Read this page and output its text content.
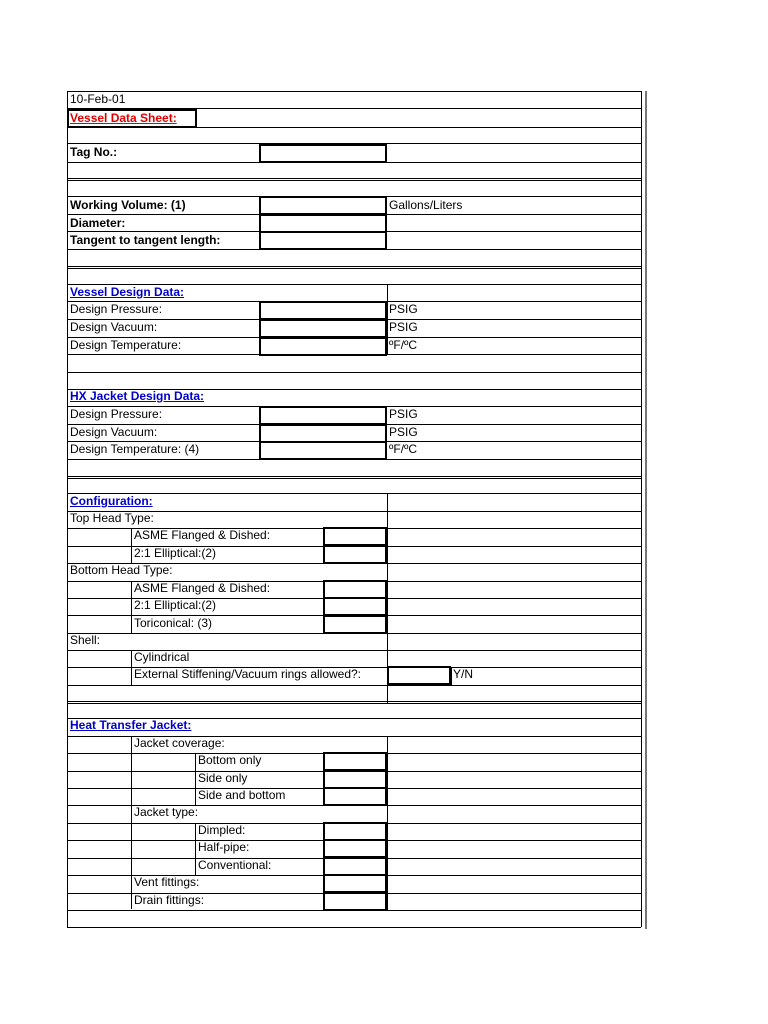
10-Feb-01
Vessel Data Sheet:
Tag No.:
Working Volume: (1)	Gallons/Liters
Diameter:
Tangent to tangent length:
Vessel Design Data:
Design Pressure:	PSIG
Design Vacuum:	PSIG
Design Temperature:	ºF/ºC
HX Jacket Design Data:
Design Pressure:	PSIG
Design Vacuum:	PSIG
Design Temperature: (4)	ºF/ºC
Configuration:
Top Head Type:
ASME Flanged & Dished:
2:1 Elliptical:(2)
Bottom Head Type:
ASME Flanged & Dished:
2:1 Elliptical:(2)
Toriconical: (3)
Shell:
Cylindrical
External Stiffening/Vacuum rings allowed?:	Y/N
Heat Transfer Jacket:
Jacket coverage:
Bottom only
Side only
Side and bottom
Jacket type:
Dimpled:
Half-pipe:
Conventional:
Vent fittings:
Drain fittings:
